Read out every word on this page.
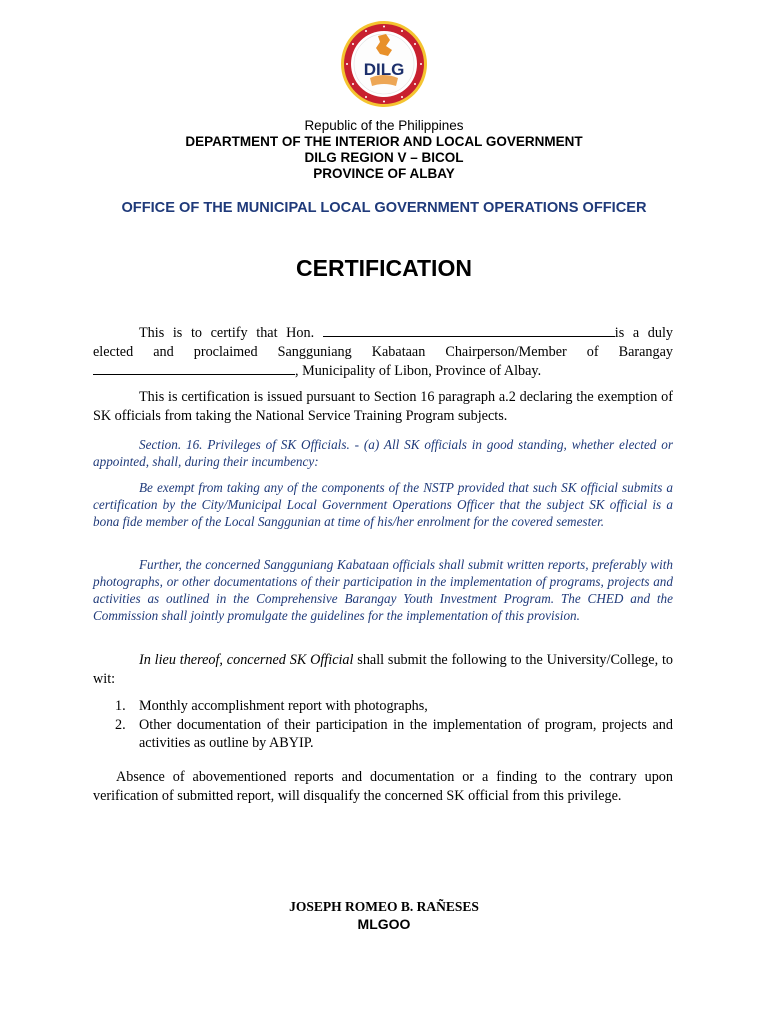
DILG
Republic of the Philippines
DEPARTMENT OF THE INTERIOR AND LOCAL GOVERNMENT
DILG REGION V – BICOL
PROVINCE OF ALBAY
OFFICE OF THE MUNICIPAL LOCAL GOVERNMENT OPERATIONS OFFICER
CERTIFICATION
This is to certify that Hon.	is a duly elected and proclaimed Sangguniang Kabataan Chairperson/Member of Barangay , Municipality of Libon, Province of Albay.
This is certification is issued pursuant to Section 16 paragraph a.2 declaring the exemption of SK officials from taking the National Service Training Program subjects.
Section. 16. Privileges of SK Officials. - (a) All SK officials in good standing, whether elected or appointed, shall, during their incumbency:
Be exempt from taking any of the components of the NSTP provided that such SK official submits a certification by the City/Municipal Local Government Operations Officer that the subject SK official is a bona fide member of the Local Sanggunian at time of his/her enrolment for the covered semester.
Further, the concerned Sangguniang Kabataan officials shall submit written reports, preferably with photographs, or other documentations of their participation in the implementation of programs, projects and activities as outlined in the Comprehensive Barangay Youth Investment Program. The CHED and the Commission shall jointly promulgate the guidelines for the implementation of this provision.
In lieu thereof, concerned SK Official shall submit the following to the University/College, to wit:
1. Monthly accomplishment report with photographs,
2. Other documentation of their participation in the implementation of program, projects and activities as outline by ABYIP.
Absence of abovementioned reports and documentation or a finding to the contrary upon verification of submitted report, will disqualify the concerned SK official from this privilege.
JOSEPH ROMEO B. RAÑESES
MLGOO
